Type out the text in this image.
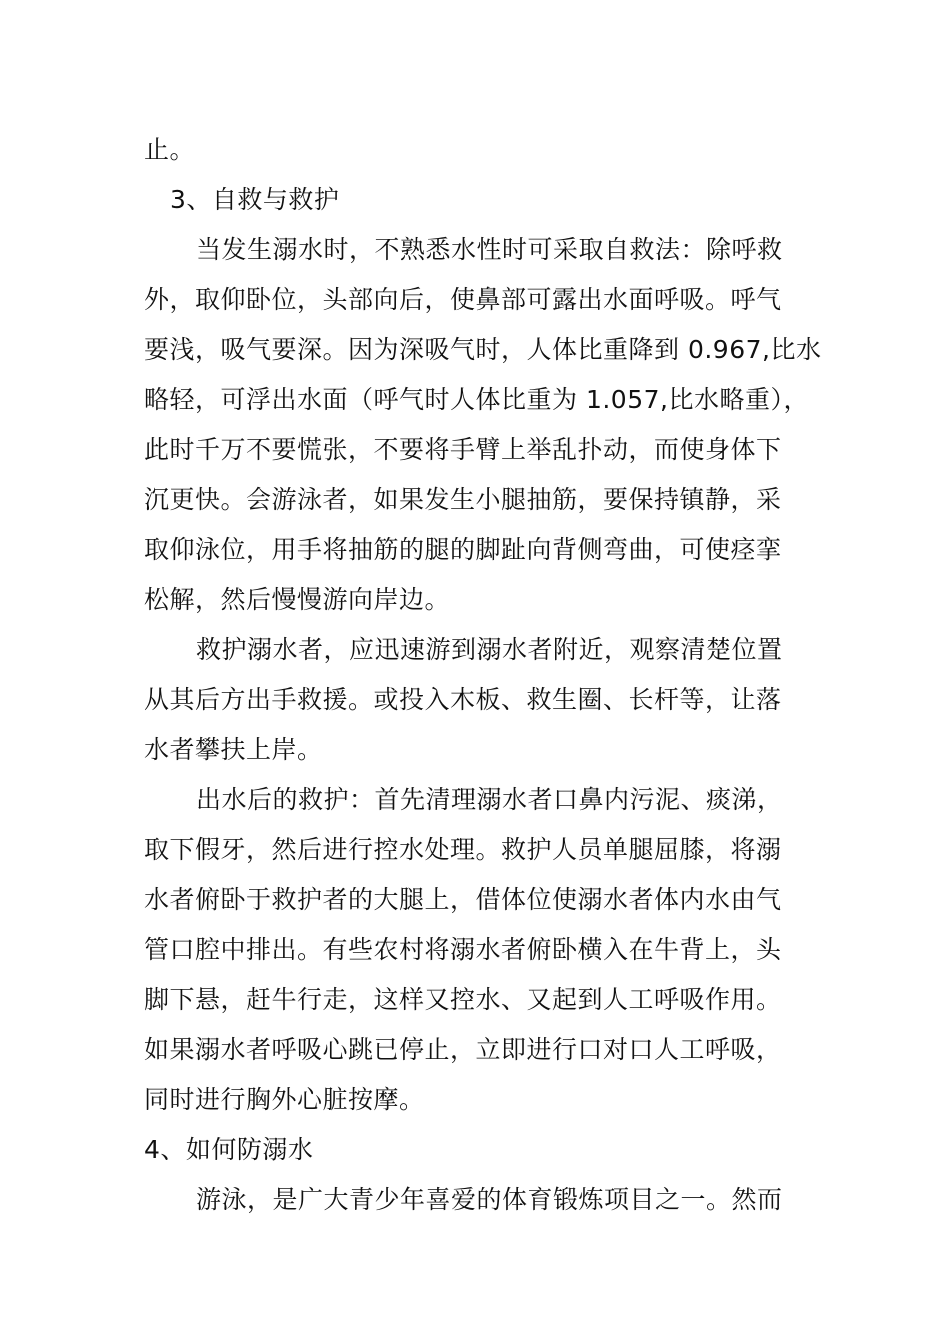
止。
3、自救与救护
当发生溺水时，不熟悉水性时可采取自救法：除呼救
外，取仰卧位，头部向后，使鼻部可露出水面呼吸。呼气
要浅，吸气要深。因为深吸气时，人体比重降到 0.967,比水
略轻，可浮出水面（呼气时人体比重为 1.057,比水略重），
此时千万不要慌张，不要将手臂上举乱扑动，而使身体下
沉更快。会游泳者，如果发生小腿抽筋，要保持镇静，采
取仰泳位，用手将抽筋的腿的脚趾向背侧弯曲，可使痉挛
松解，然后慢慢游向岸边。
救护溺水者，应迅速游到溺水者附近，观察清楚位置
从其后方出手救援。或投入木板、救生圈、长杆等，让落
水者攀扶上岸。
出水后的救护：首先清理溺水者口鼻内污泥、痰涕，
取下假牙，然后进行控水处理。救护人员单腿屈膝，将溺
水者俯卧于救护者的大腿上，借体位使溺水者体内水由气
管口腔中排出。有些农村将溺水者俯卧横入在牛背上，头
脚下悬，赶牛行走，这样又控水、又起到人工呼吸作用。
如果溺水者呼吸心跳已停止，立即进行口对口人工呼吸，
同时进行胸外心脏按摩。
4、如何防溺水
游泳，是广大青少年喜爱的体育锻炼项目之一。然而
